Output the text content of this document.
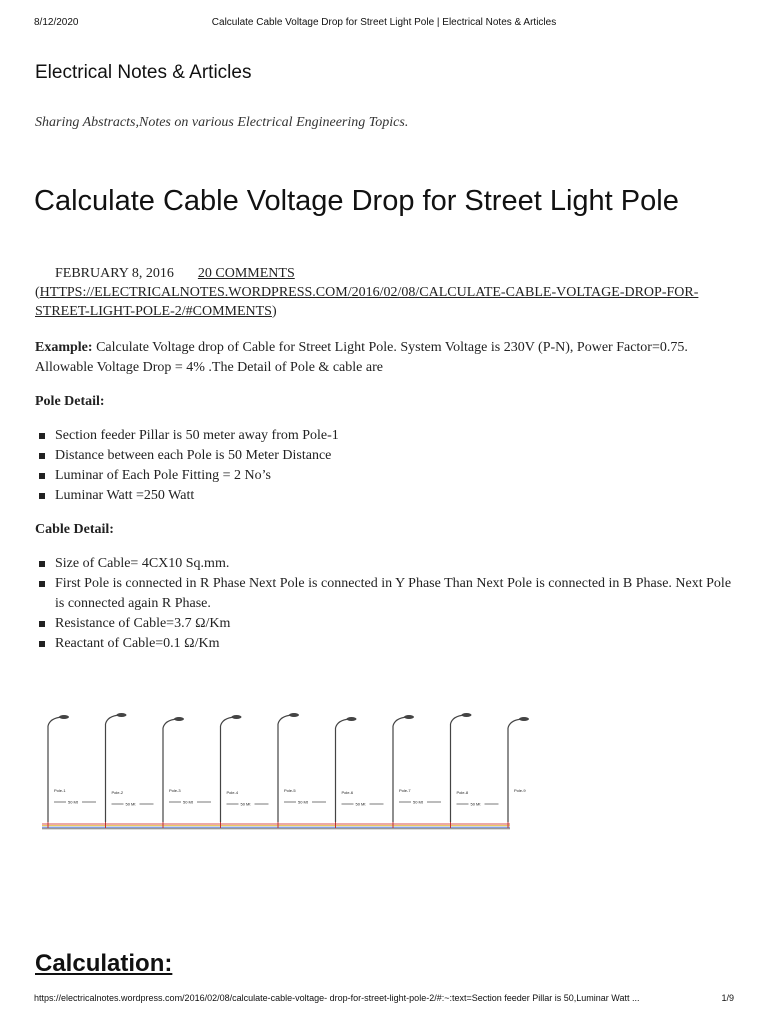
8/12/2020	Calculate Cable Voltage Drop for Street Light Pole | Electrical Notes & Articles
Electrical Notes & Articles
Sharing Abstracts,Notes on various Electrical Engineering Topics.
Calculate Cable Voltage Drop for Street Light Pole
FEBRUARY 8, 2016 20 COMMENTS
(HTTPS://ELECTRICALNOTES.WORDPRESS.COM/2016/02/08/CALCULATE-CABLE-VOLTAGE-DROP-FOR-STREET-LIGHT-POLE-2/#COMMENTS)

Example: Calculate Voltage drop of Cable for Street Light Pole. System Voltage is 230V (P-N), Power Factor=0.75. Allowable Voltage Drop = 4% .The Detail of Pole & cable are

Pole Detail:

Section feeder Pillar is 50 meter away from Pole-1
Distance between each Pole is 50 Meter Distance
Luminar of Each Pole Fitting = 2 No’s
Luminar Watt =250 Watt

Cable Detail:

Size of Cable= 4CX10 Sq.mm.
First Pole is connected in R Phase Next Pole is connected in Y Phase Than Next Pole is connected in B Phase. Next Pole is connected again R Phase.
Resistance of Cable=3.7 Ω/Km
Reactant of Cable=0.1 Ω/Km
Pole-1
50 Mt
Pole-2
50 Mt
Pole-3
50 Mt
Pole-4
50 Mt
Pole-5
50 Mt
Pole-6
50 Mt
Pole-7
50 Mt
Pole-8
50 Mt
Pole-9
Calculation:
https://electricalnotes.wordpress.com/2016/02/08/calculate-cable-voltage- drop-for-street-light-pole-2/#:~:text=Section feeder Pillar is 50,Luminar Watt ...	1/9
